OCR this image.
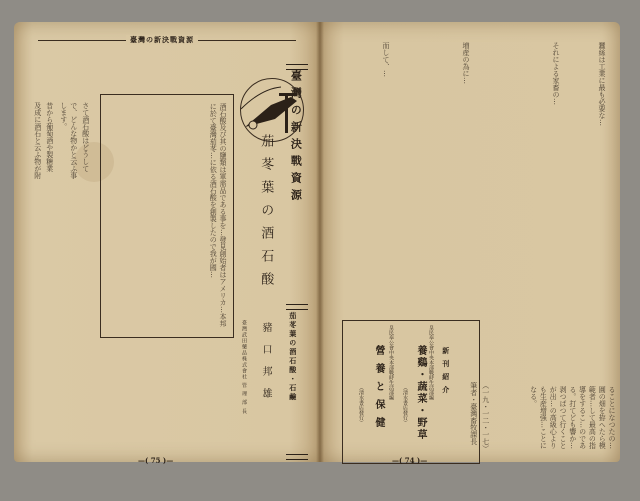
臺灣の新決戰資源
臺灣の新決戰資源
茄苳葉の酒石酸・石鹼
茄苳葉の酒石酸
豬口邦雄
臺灣武田藥品株式會社 管 理 部 長
酒石酸及び其の鹽類は軍需品である事を…發見創始者はアメリカ…本邦に於て臺灣茄苳…に依る酒石酸を創製したので我が國…
さて酒石酸はどうして
で、どんな物かと云ふ事
します。
昔から葡萄酒や製糖業
及成に酒石と云ふ物が附
—( 75 )—
蠶絲は工業に最も必要な…
それによる家畜の…
増産の為に…
而して、…
ることになつたの…圓の畑を拵へたら模範者…して最高の指導をするこ…のである。打てども響か…剥つぱつて行くことが出…の高級心よりも生産增强…ことになる。
（一九・一二・一七）
筆者・臺灣畜牧課長
新刊紹介
皇民奉公會中央本部戰時生活部編
養鷄・蔬菜・野草
（清水書店發行）
皇民奉公會中央本部戰時生活部編
營養と保健
（清水書店發行）
—( 74 )—
